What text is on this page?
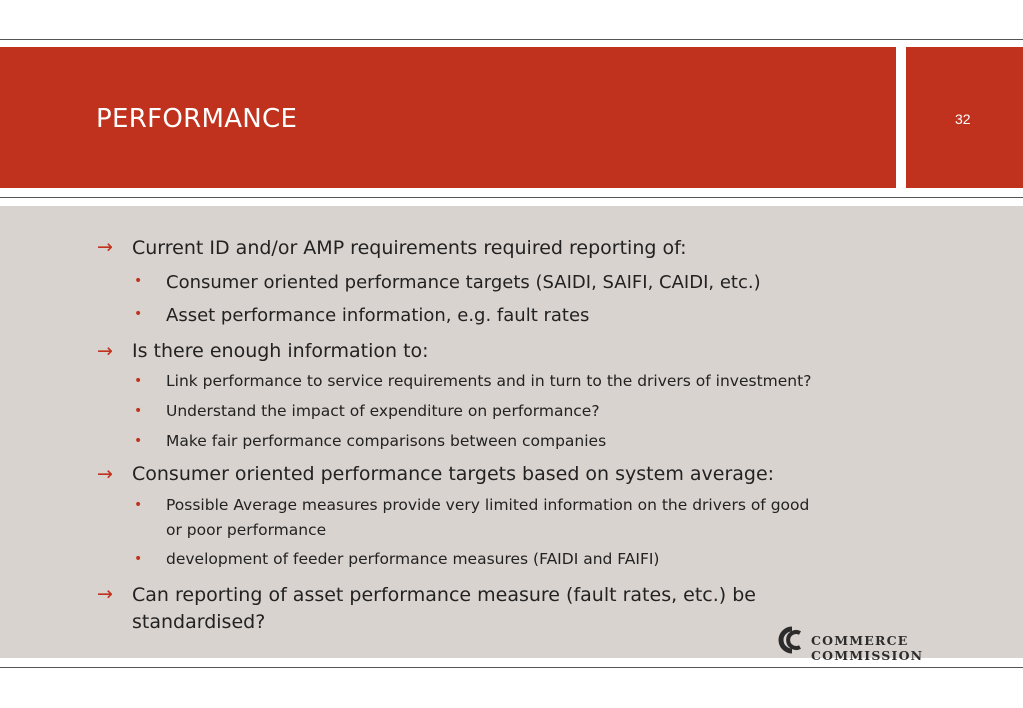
PERFORMANCE	32
→ Current ID and/or AMP requirements required reporting of:
• Consumer oriented performance targets (SAIDI, SAIFI, CAIDI, etc.)
• Asset performance information, e.g. fault rates
→ Is there enough information to:
• Link performance to service requirements and in turn to the drivers of investment?
• Understand the impact of expenditure on performance?
• Make fair performance comparisons between companies
→ Consumer oriented performance targets based on system average:
• Possible Average measures provide very limited information on the drivers of good
or poor performance
• development of feeder performance measures (FAIDI and FAIFI)
→ Can reporting of asset performance measure (fault rates, etc.) be
standardised?
COMMERCE COMMISSION
